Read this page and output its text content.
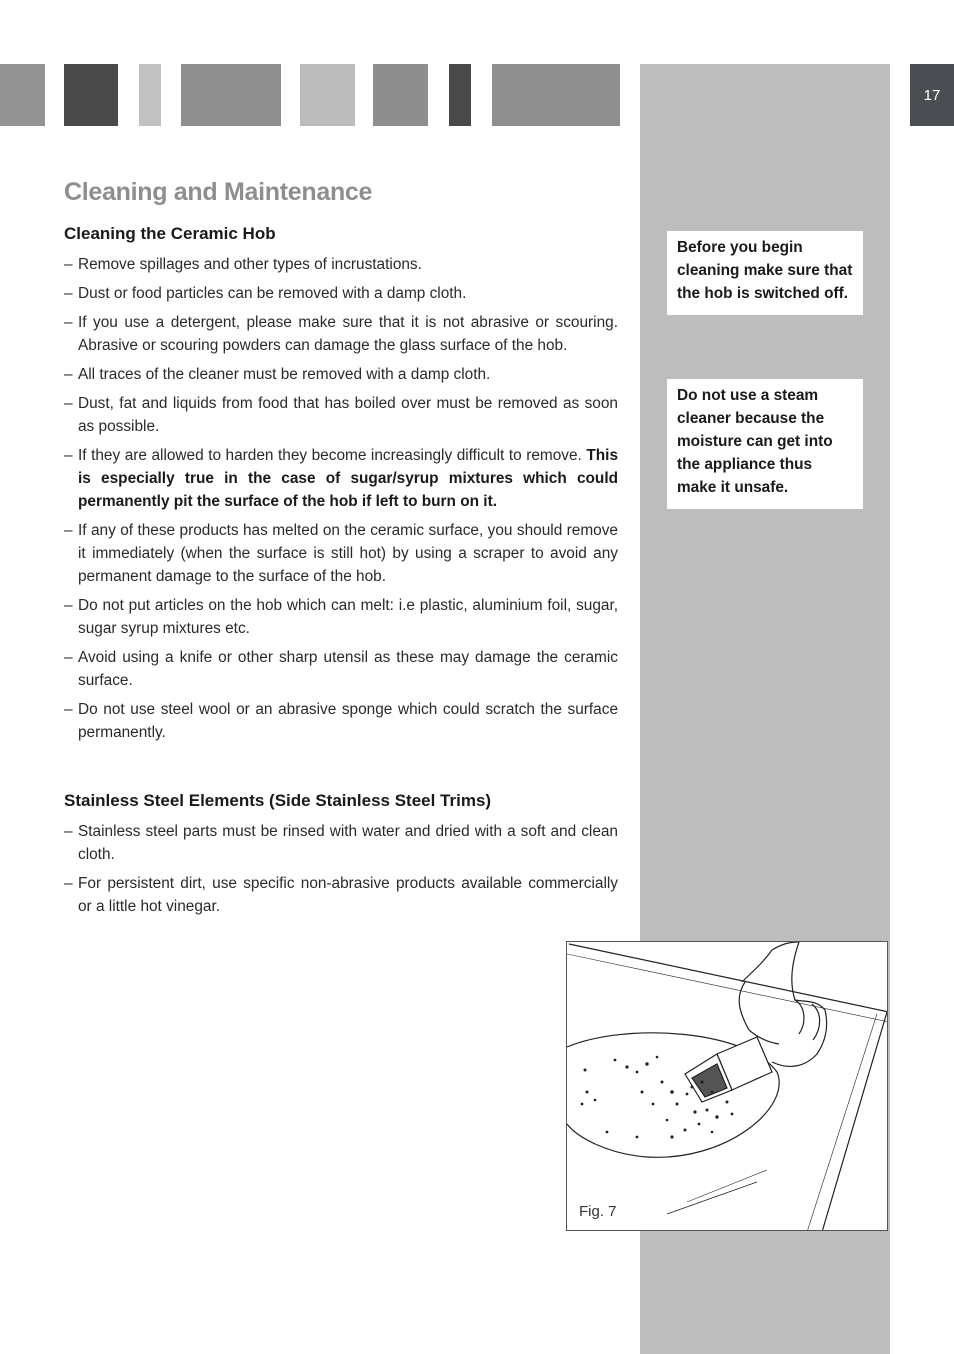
17
Cleaning and Maintenance
Cleaning the Ceramic Hob
– Remove spillages and other types of incrustations.
– Dust or food particles can be removed with a damp cloth.
– If you use a detergent, please make sure that it is not abrasive or scouring. Abrasive or scouring powders can damage the glass surface of the hob.
– All traces of the cleaner must be removed with a damp cloth.
– Dust, fat and liquids from food that has boiled over must be removed as soon as possible.
– If they are allowed to harden they become increasingly difficult to remove. This is especially true in the case of sugar/syrup mixtures which could permanently pit the surface of the hob if left to burn on it.
– If any of these products has melted on the ceramic surface, you should remove it immediately (when the surface is still hot) by using a scraper to avoid any permanent damage to the surface of the hob.
– Do not put articles on the hob which can melt: i.e plastic, aluminium foil, sugar, sugar syrup mixtures etc.
– Avoid using a knife or other sharp utensil as these may damage the ceramic surface.
– Do not use steel wool or an abrasive sponge which could scratch the surface permanently.
Stainless Steel Elements (Side Stainless Steel Trims)
– Stainless steel parts must be rinsed with water and dried with a soft and clean cloth.
– For persistent dirt, use specific non-abrasive products available commercially or a little hot vinegar.
Before you begin cleaning make sure that the hob is switched off.
Do not use a steam cleaner because the moisture can get into the appliance thus make it unsafe.
Fig. 7
